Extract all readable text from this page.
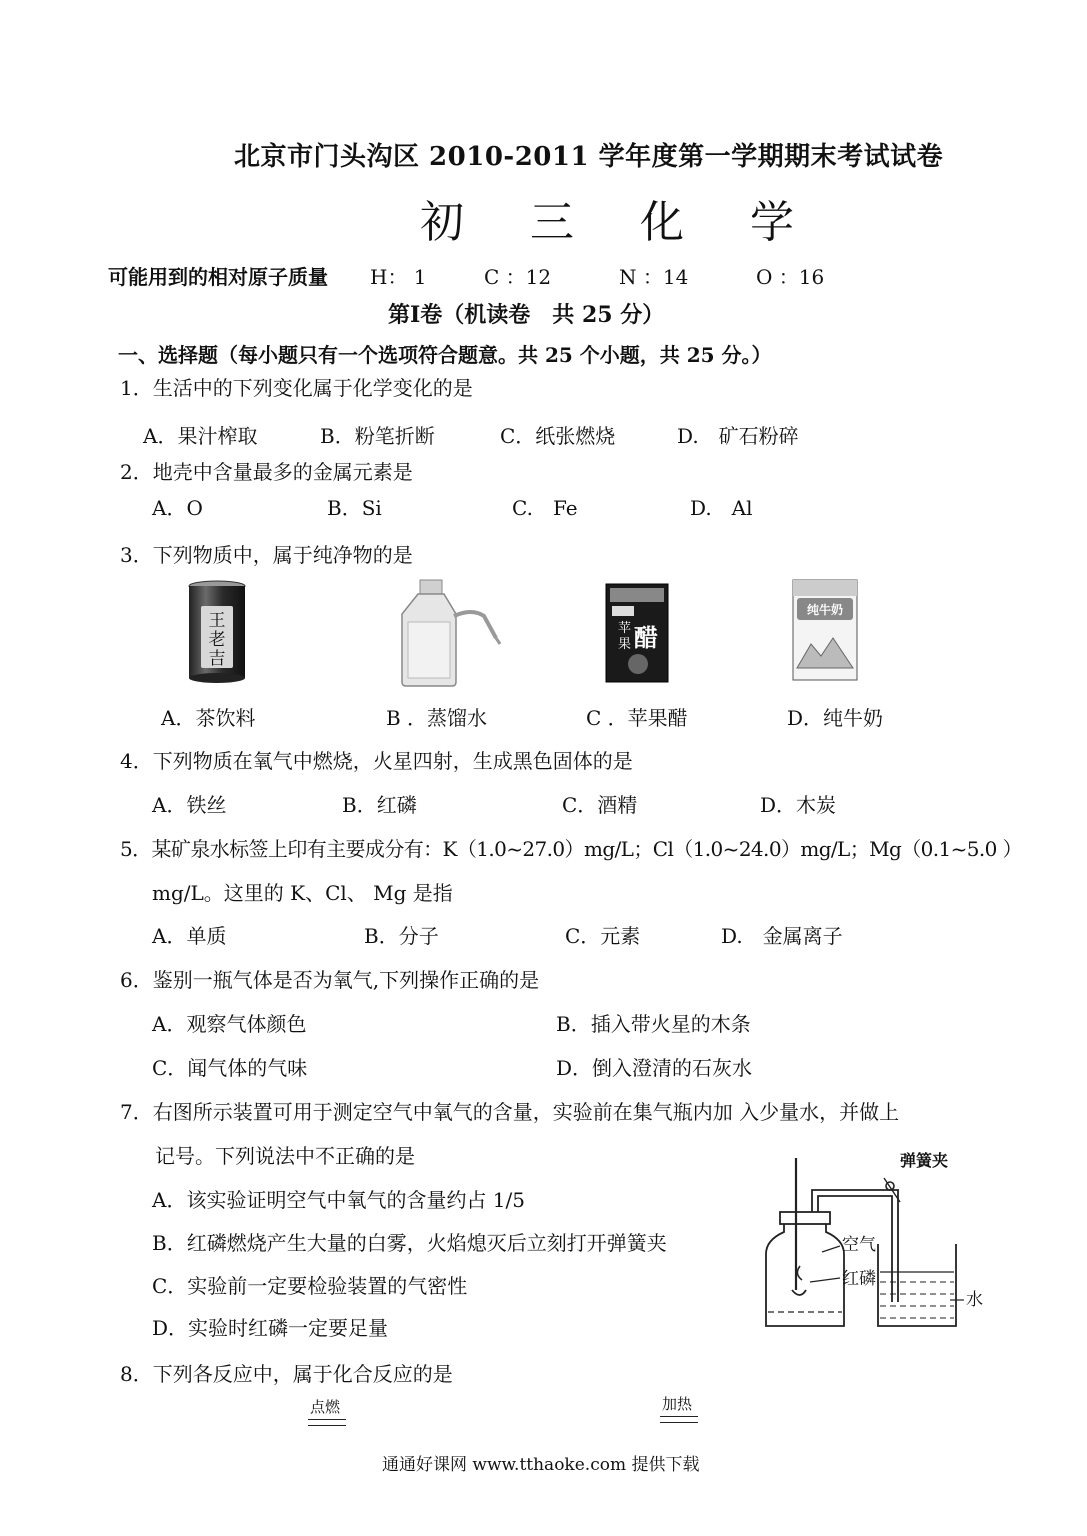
北京市门头沟区 2010-2011 学年度第一学期期末考试试卷
初 三 化 学
可能用到的相对原子质量 H： 1	C ：12	N ：14	O ：16
第Ⅰ卷（机读卷　共 25 分）
一、选择题（每小题只有一个选项符合题意。共 25 个小题，共 25 分。）
1．生活中的下列变化属于化学变化的是
A．果汁榨取	B．粉笔折断	C．纸张燃烧	D.　矿石粉碎
2．地壳中含量最多的金属元素是
A．O	B．Si	C.　Fe	D.　Al
3．下列物质中，属于纯净物的是
王
老
吉
苹
果 醋
纯牛奶
A．茶饮料	B ．蒸馏水	C ．苹果醋	D．纯牛奶
4．下列物质在氧气中燃烧，火星四射，生成黑色固体的是
A．铁丝	B．红磷	C．酒精	D．木炭
5．某矿泉水标签上印有主要成分有：K（1.0~27.0）mg/L；Cl（1.0~24.0）mg/L；Mg（0.1~5.0 ）
mg/L。这里的 K、Cl、 Mg 是指
A．单质	B．分子	C．元素	D.　金属离子
6．鉴别一瓶气体是否为氧气,下列操作正确的是
A．观察气体颜色	B．插入带火星的木条
C．闻气体的气味	D．倒入澄清的石灰水
7．右图所示装置可用于测定空气中氧气的含量，实验前在集气瓶内加 入少量水，并做上
记号。下列说法中不正确的是
A．该实验证明空气中氧气的含量约占 1/5
B．红磷燃烧产生大量的白雾，火焰熄灭后立刻打开弹簧夹
C．实验前一定要检验装置的气密性
D．实验时红磷一定要足量
弹簧夹
空气
红磷
水
8．下列各反应中，属于化合反应的是
点燃	加热
通通好课网 www.tthaoke.com 提供下载
